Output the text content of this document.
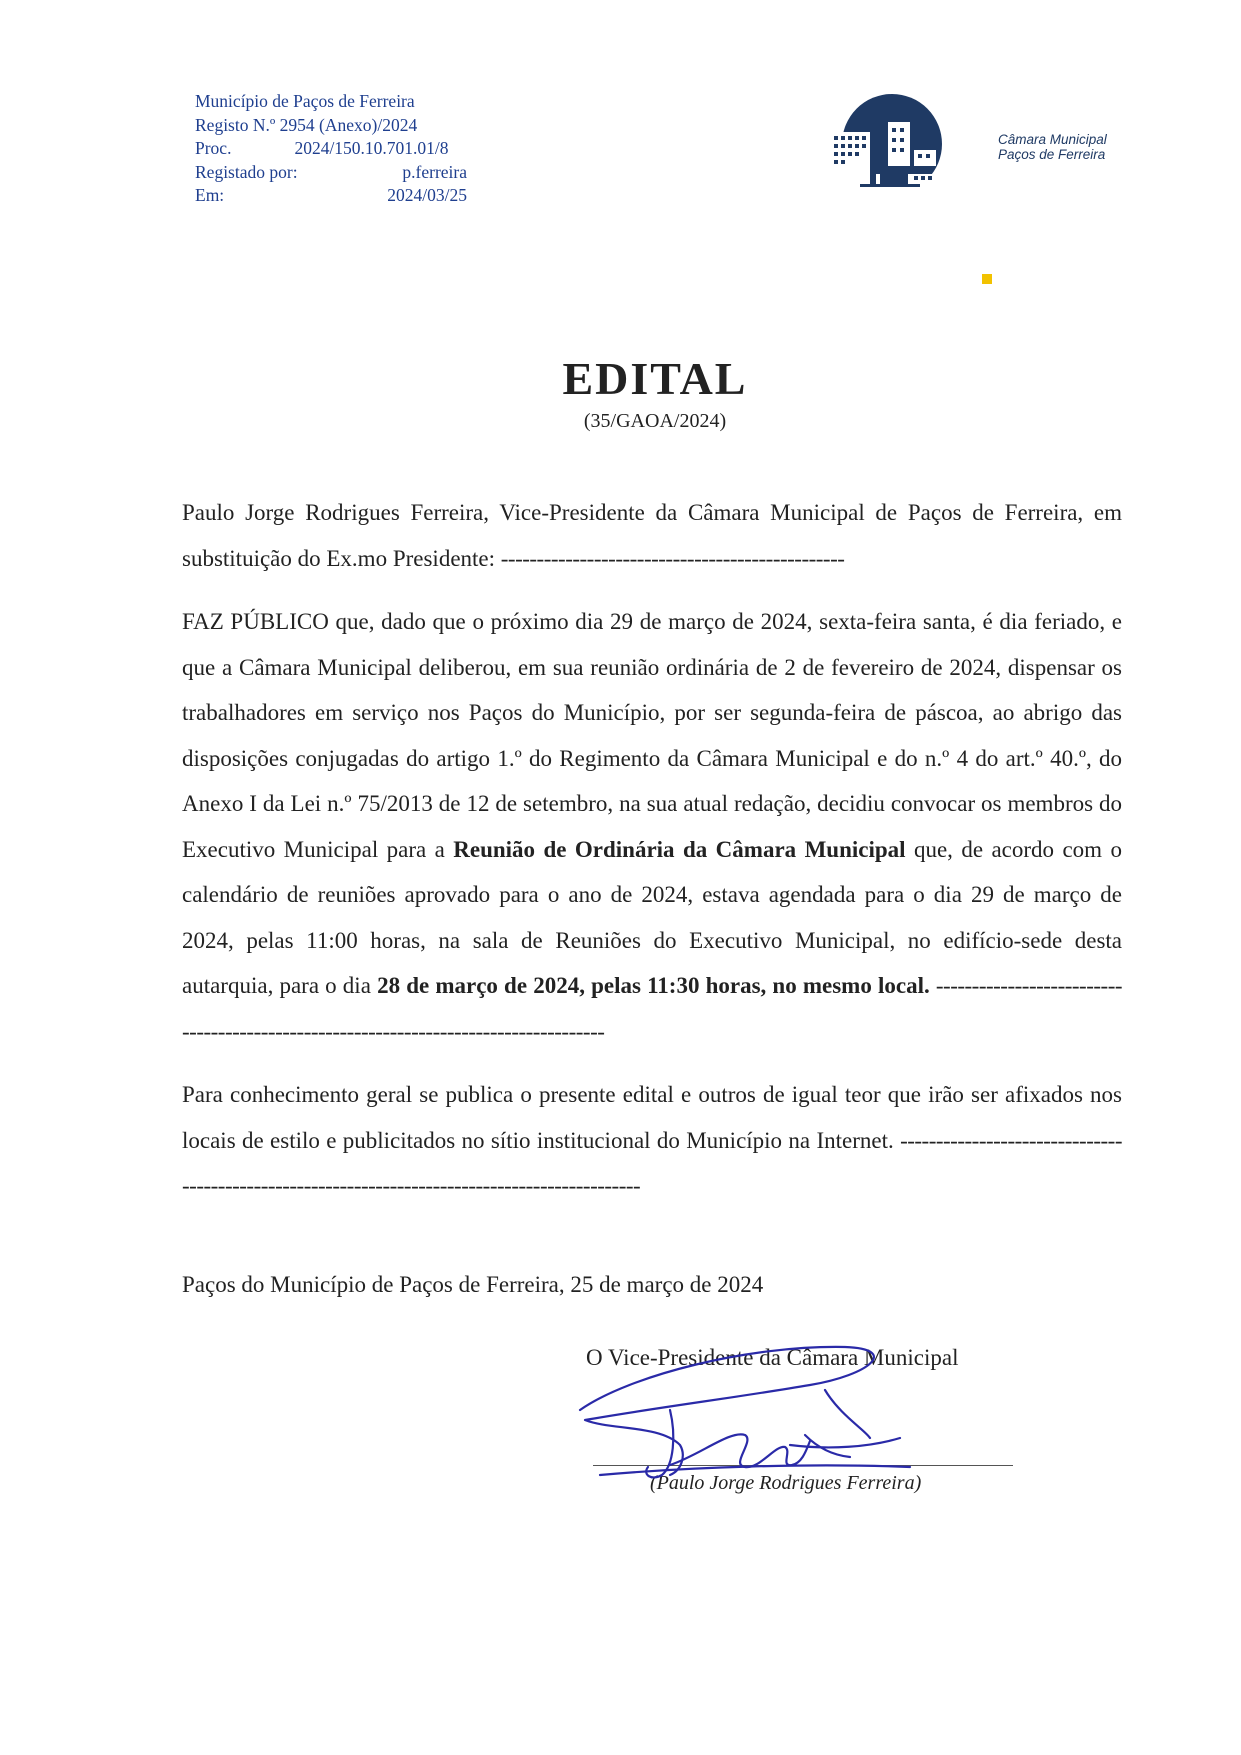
Município de Paços de Ferreira
Registo N.º 2954 (Anexo)/2024
Proc.	2024/150.10.701.01/8
Registado por:	p.ferreira
Em:	2024/03/25
Câmara Municipal
Paços de Ferreira
EDITAL
(35/GAOA/2024)

Paulo Jorge Rodrigues Ferreira, Vice-Presidente da Câmara Municipal de Paços de Ferreira, em substituição do Ex.mo Presidente: ------------------------------------------------

FAZ PÚBLICO que, dado que o próximo dia 29 de março de 2024, sexta-feira santa, é dia feriado, e que a Câmara Municipal deliberou, em sua reunião ordinária de 2 de fevereiro de 2024, dispensar os trabalhadores em serviço nos Paços do Município, por ser segunda-feira de páscoa, ao abrigo das disposições conjugadas do artigo 1.º do Regimento da Câmara Municipal e do n.º 4 do art.º 40.º, do Anexo I da Lei n.º 75/2013 de 12 de setembro, na sua atual redação, decidiu convocar os membros do Executivo Municipal para a Reunião de Ordinária da Câmara Municipal que, de acordo com o calendário de reuniões aprovado para o ano de 2024, estava agendada para o dia 29 de março de 2024, pelas 11:00 horas, na sala de Reuniões do Executivo Municipal, no edifício-sede desta autarquia, para o dia 28 de março de 2024, pelas 11:30 horas, no mesmo local. -------------------------------------------------------------------------------------

Para conhecimento geral se publica o presente edital e outros de igual teor que irão ser afixados nos locais de estilo e publicitados no sítio institucional do Município na Internet. -----------------------------------------------------------------------------------------------

Paços do Município de Paços de Ferreira, 25 de março de 2024
O Vice-Presidente da Câmara Municipal
(Paulo Jorge Rodrigues Ferreira)
